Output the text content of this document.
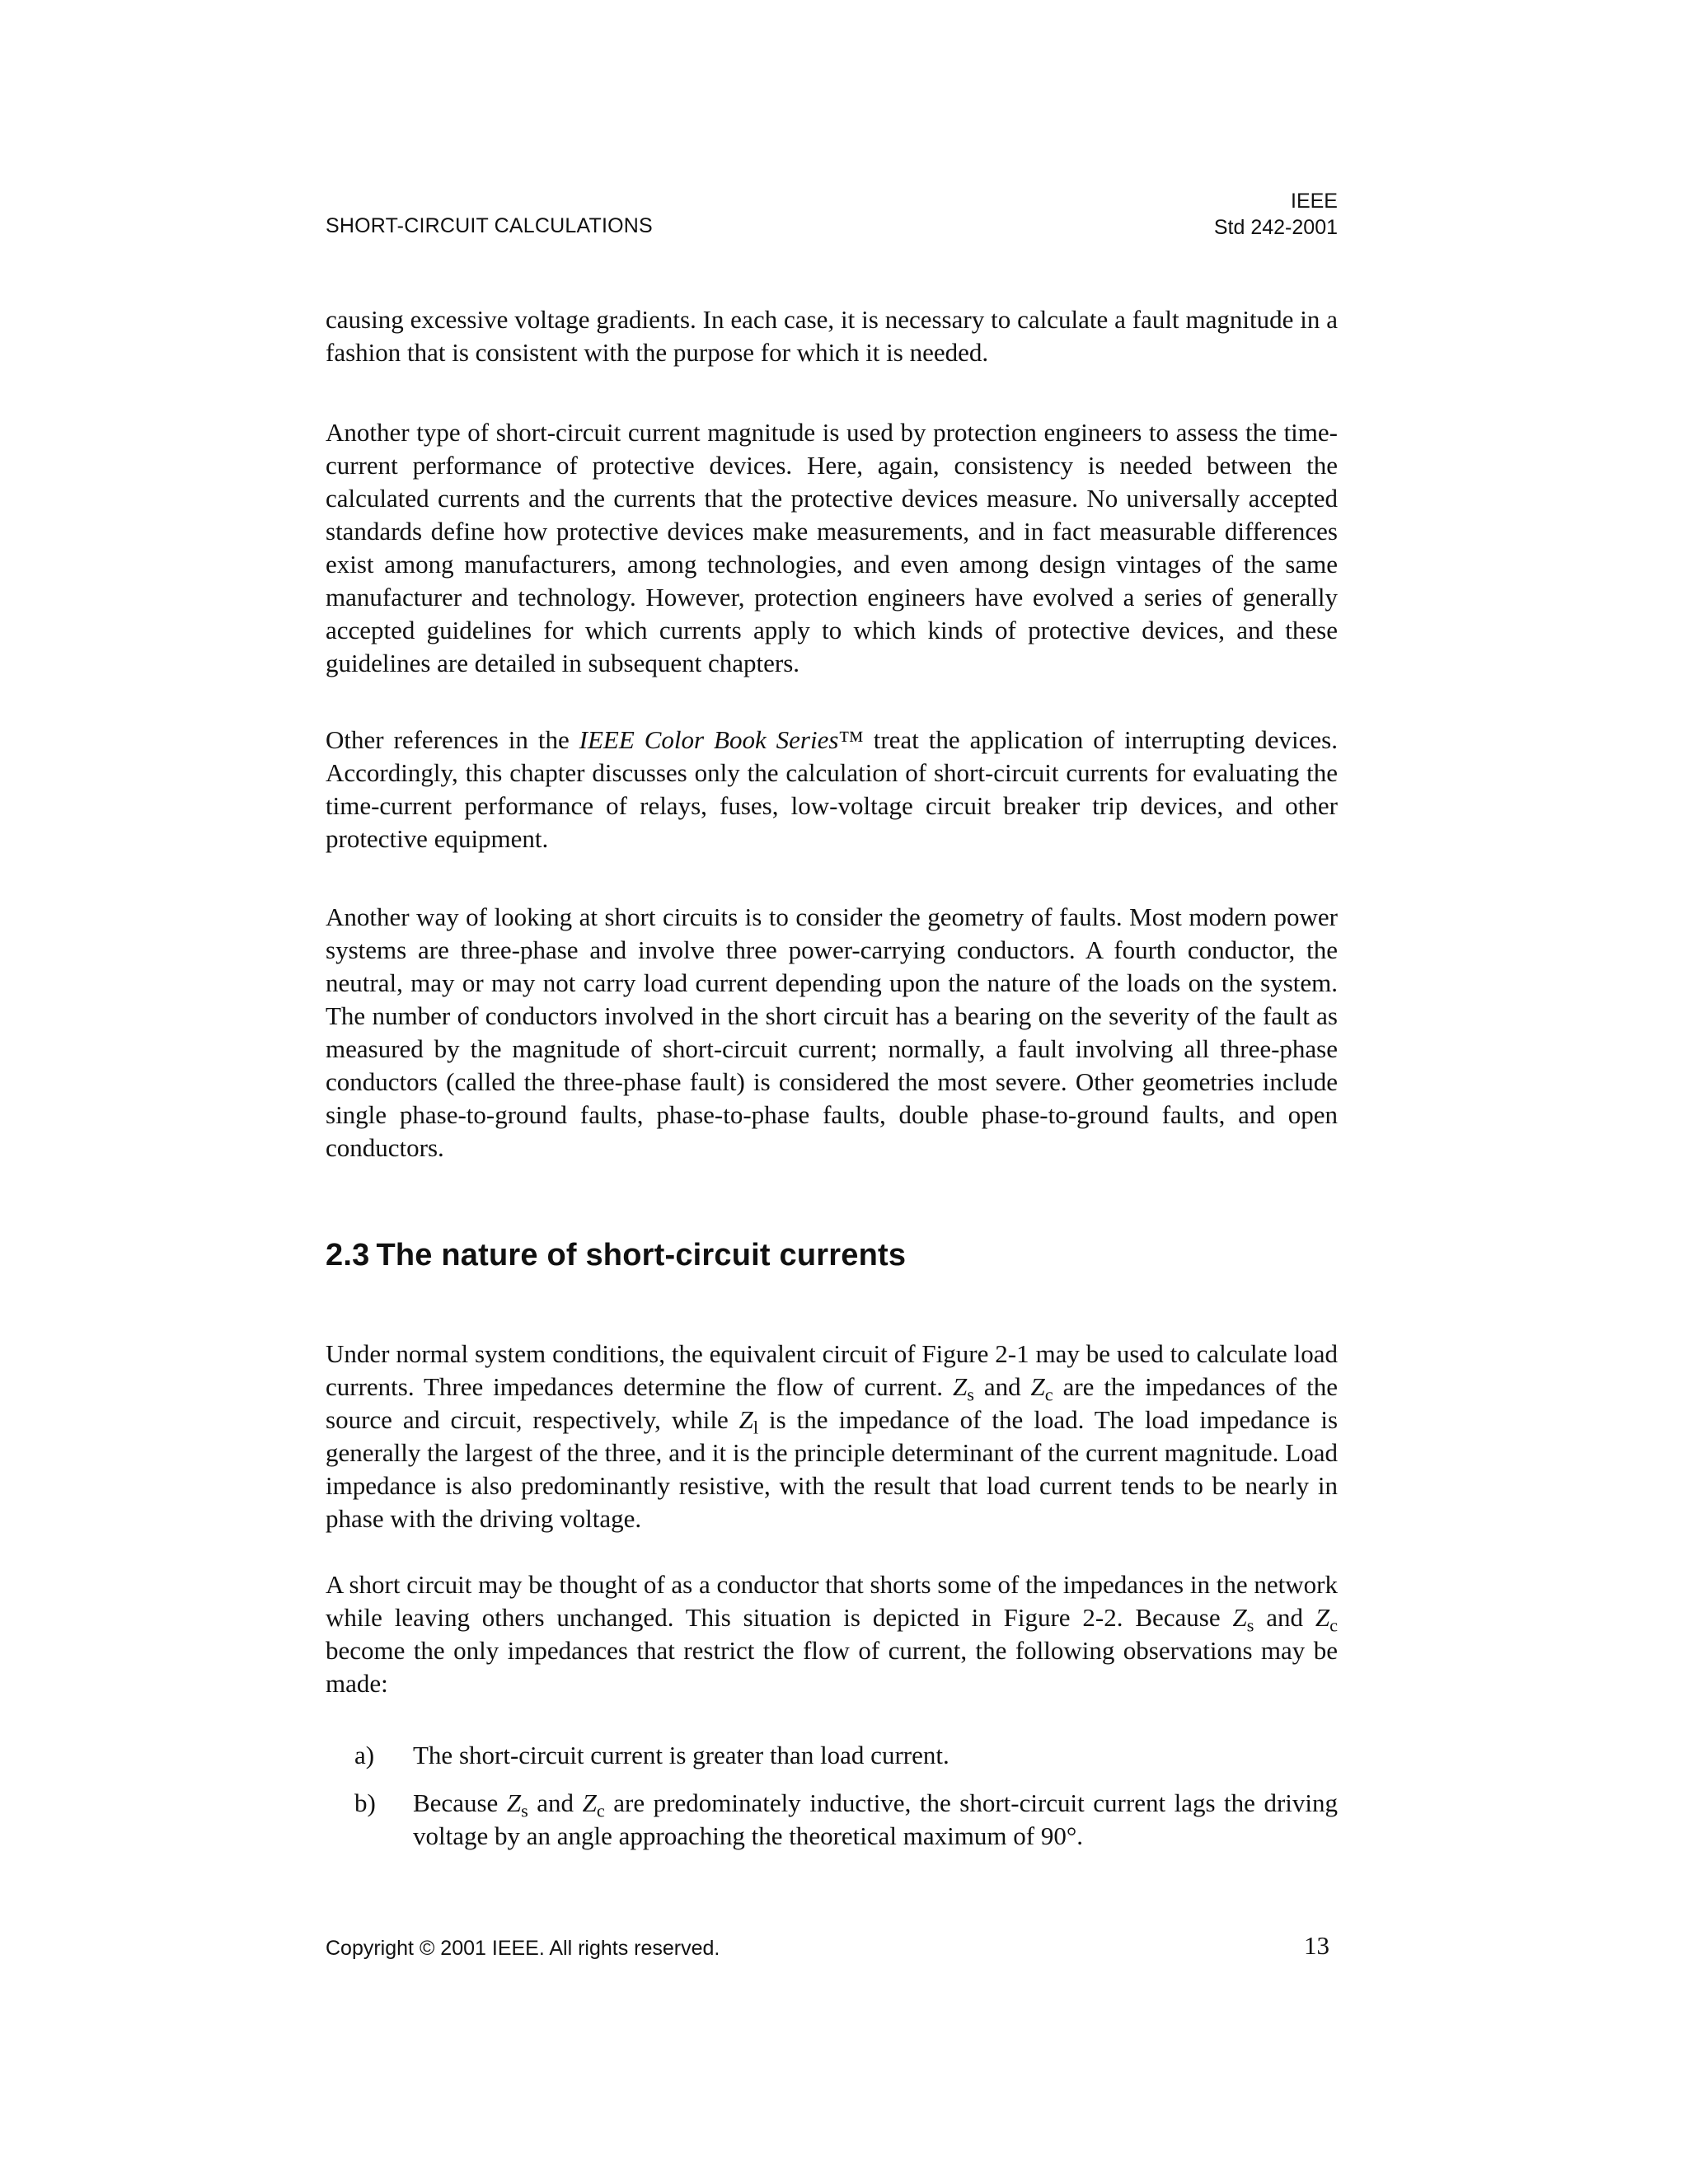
SHORT-CIRCUIT CALCULATIONS
IEEE
Std 242-2001

causing excessive voltage gradients. In each case, it is necessary to calculate a fault magnitude in a fashion that is consistent with the purpose for which it is needed.

Another type of short-circuit current magnitude is used by protection engineers to assess the time-current performance of protective devices. Here, again, consistency is needed between the calculated currents and the currents that the protective devices measure. No universally accepted standards define how protective devices make measurements, and in fact measurable differences exist among manufacturers, among technologies, and even among design vintages of the same manufacturer and technology. However, protection engineers have evolved a series of generally accepted guidelines for which currents apply to which kinds of protective devices, and these guidelines are detailed in subsequent chapters.

Other references in the IEEE Color Book Series™ treat the application of interrupting devices. Accordingly, this chapter discusses only the calculation of short-circuit currents for evaluating the time-current performance of relays, fuses, low-voltage circuit breaker trip devices, and other protective equipment.

Another way of looking at short circuits is to consider the geometry of faults. Most modern power systems are three-phase and involve three power-carrying conductors. A fourth conductor, the neutral, may or may not carry load current depending upon the nature of the loads on the system. The number of conductors involved in the short circuit has a bearing on the severity of the fault as measured by the magnitude of short-circuit current; normally, a fault involving all three-phase conductors (called the three-phase fault) is considered the most severe. Other geometries include single phase-to-ground faults, phase-to-phase faults, double phase-to-ground faults, and open conductors.

2.3 The nature of short-circuit currents

Under normal system conditions, the equivalent circuit of Figure 2-1 may be used to calculate load currents. Three impedances determine the flow of current. $Z_s$ and $Z_c$ are the impedances of the source and circuit, respectively, while $Z_l$ is the impedance of the load. The load impedance is generally the largest of the three, and it is the principle determinant of the current magnitude. Load impedance is also predominantly resistive, with the result that load current tends to be nearly in phase with the driving voltage.

A short circuit may be thought of as a conductor that shorts some of the impedances in the network while leaving others unchanged. This situation is depicted in Figure 2-2. Because $Z_s$ and $Z_c$ become the only impedances that restrict the flow of current, the following observations may be made:

a) The short-circuit current is greater than load current.
b) Because $Z_s$ and $Z_c$ are predominately inductive, the short-circuit current lags the driving voltage by an angle approaching the theoretical maximum of 90°.
Copyright © 2001 IEEE. All rights reserved.	13
